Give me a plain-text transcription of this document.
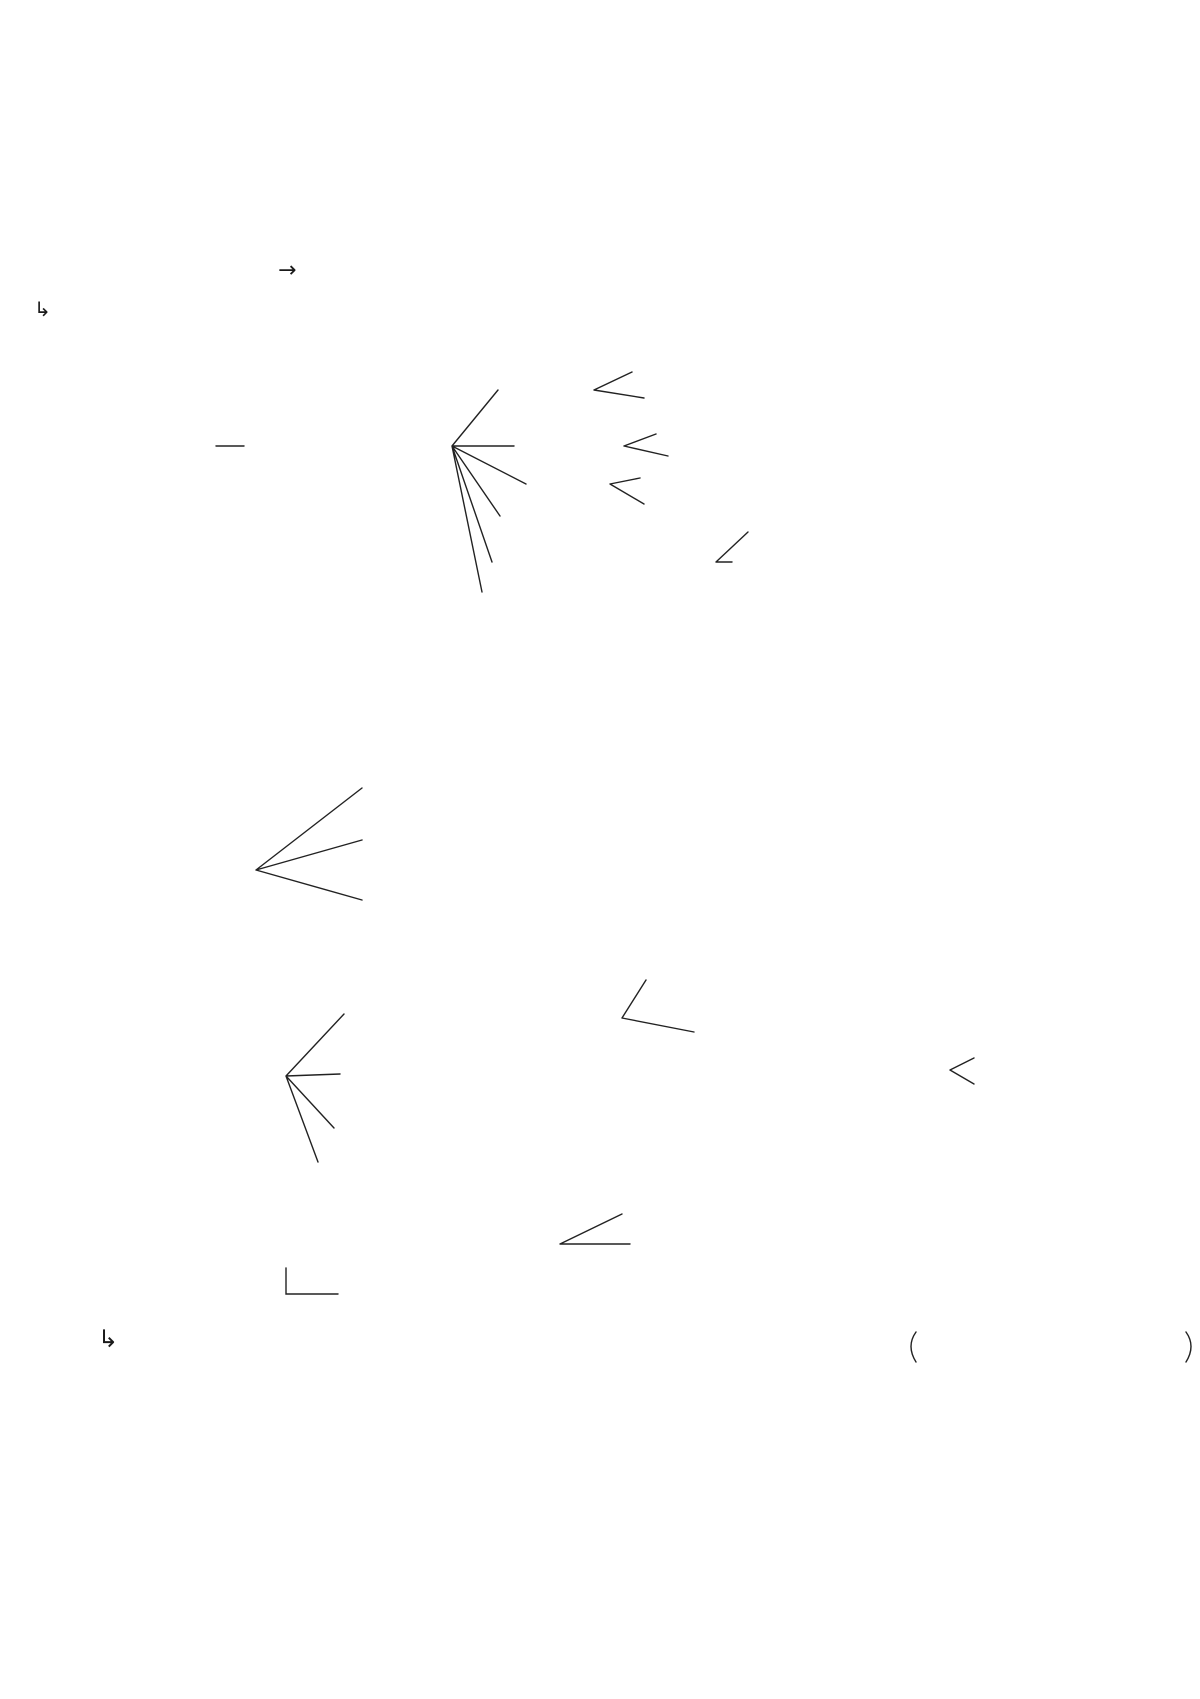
→
↳
↳
